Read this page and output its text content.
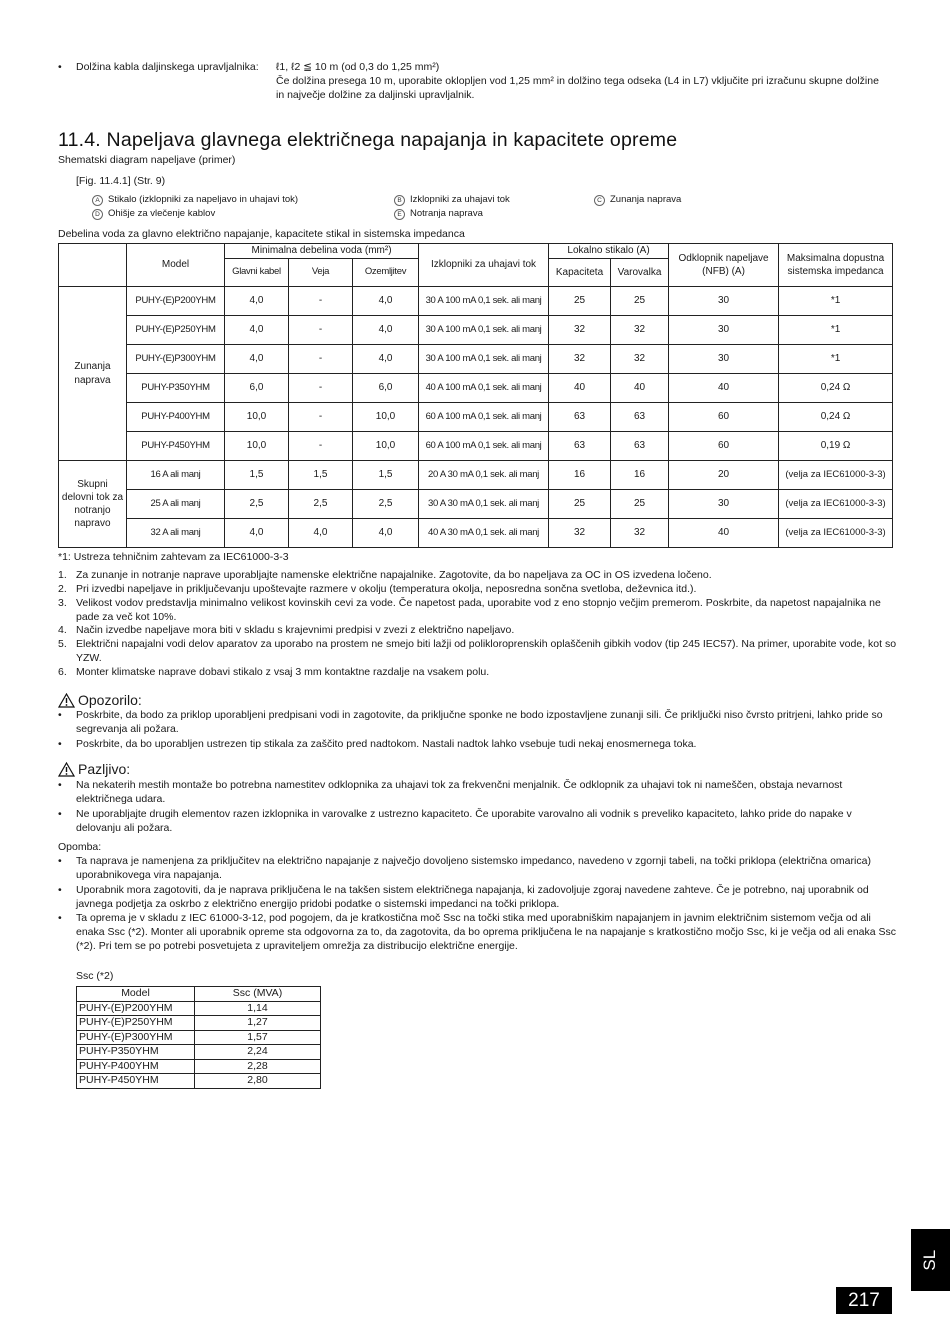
• Dolžina kabla daljinskega upravljalnika: ℓ1, ℓ2 ≦ 10 m (od 0,3 do 1,25 mm²)
Če dolžina presega 10 m, uporabite oklopljen vod 1,25 mm² in dolžino tega odseka (L4 in L7) vključite pri izračunu skupne dolžine in največje dolžine za daljinski upravljalnik.
11.4. Napeljava glavnega električnega napajanja in kapacitete opreme
Shematski diagram napeljave (primer)
[Fig. 11.4.1] (Str. 9)
A Stikalo (izklopniki za napeljavo in uhajavi tok)	B Izklopniki za uhajavi tok	C Zunanja naprava
D Ohišje za vlečenje kablov	E Notranja naprava
Debelina voda za glavno električno napajanje, kapacitete stikal in sistemska impedanca
	Model	Minimalna debelina voda (mm²)			Izklopniki za uhajavi tok	Lokalno stikalo (A)		Odklopnik napeljave (NFB) (A)	Maksimalna dopustna sistemska impedanca
		Glavni kabel	Veja	Ozemljitev		Kapaciteta	Varovalka		
Zunanja naprava	PUHY-(E)P200YHM	4,0	-	4,0	30 A 100 mA 0,1 sek. ali manj	25	25	30	*1
	PUHY-(E)P250YHM	4,0	-	4,0	30 A 100 mA 0,1 sek. ali manj	32	32	30	*1
	PUHY-(E)P300YHM	4,0	-	4,0	30 A 100 mA 0,1 sek. ali manj	32	32	30	*1
	PUHY-P350YHM	6,0	-	6,0	40 A 100 mA 0,1 sek. ali manj	40	40	40	0,24 Ω
	PUHY-P400YHM	10,0	-	10,0	60 A 100 mA 0,1 sek. ali manj	63	63	60	0,24 Ω
	PUHY-P450YHM	10,0	-	10,0	60 A 100 mA 0,1 sek. ali manj	63	63	60	0,19 Ω
Skupni delovni tok za notranjo napravo	16 A ali manj	1,5	1,5	1,5	20 A 30 mA 0,1 sek. ali manj	16	16	20	(velja za IEC61000-3-3)
	25 A ali manj	2,5	2,5	2,5	30 A 30 mA 0,1 sek. ali manj	25	25	30	(velja za IEC61000-3-3)
	32 A ali manj	4,0	4,0	4,0	40 A 30 mA 0,1 sek. ali manj	32	32	40	(velja za IEC61000-3-3)
*1: Ustreza tehničnim zahtevam za IEC61000-3-3
1. Za zunanje in notranje naprave uporabljajte namenske električne napajalnike. Zagotovite, da bo napeljava za OC in OS izvedena ločeno.
2. Pri izvedbi napeljave in priključevanju upoštevajte razmere v okolju (temperatura okolja, neposredna sončna svetloba, deževnica itd.).
3. Velikost vodov predstavlja minimalno velikost kovinskih cevi za vode. Če napetost pada, uporabite vod z eno stopnjo večjim premerom. Poskrbite, da napetost napajalnika ne pade za več kot 10%.
4. Način izvedbe napeljave mora biti v skladu s krajevnimi predpisi v zvezi z električno napeljavo.
5. Električni napajalni vodi delov aparatov za uporabo na prostem ne smejo biti lažji od polikloroprenskih oplaščenih gibkih vodov (tip 245 IEC57). Na primer, uporabite vode, kot so YZW.
6. Monter klimatske naprave dobavi stikalo z vsaj 3 mm kontaktne razdalje na vsakem polu.
Opozorilo:
•	Poskrbite, da bodo za priklop uporabljeni predpisani vodi in zagotovite, da priključne sponke ne bodo izpostavljene zunanji sili. Če priključki niso čvrsto pritrjeni, lahko pride so segrevanja ali požara.
•	Poskrbite, da bo uporabljen ustrezen tip stikala za zaščito pred nadtokom. Nastali nadtok lahko vsebuje tudi nekaj enosmernega toka.
Pazljivo:
•	Na nekaterih mestih montaže bo potrebna namestitev odklopnika za uhajavi tok za frekvenčni menjalnik. Če odklopnik za uhajavi tok ni nameščen, obstaja nevarnost električnega udara.
•	Ne uporabljajte drugih elementov razen izklopnika in varovalke z ustrezno kapaciteto. Če uporabite varovalno ali vodnik s preveliko kapaciteto, lahko pride do napake v delovanju ali požara.
Opomba:
•	Ta naprava je namenjena za priključitev na električno napajanje z največjo dovoljeno sistemsko impedanco, navedeno v zgornji tabeli, na točki priklopa (električna omarica) uporabnikovega vira napajanja.
•	Uporabnik mora zagotoviti, da je naprava priključena le na takšen sistem električnega napajanja, ki zadovoljuje zgoraj navedene zahteve. Če je potrebno, naj uporabnik od javnega podjetja za oskrbo z električno energijo pridobi podatke o sistemski impedanci na točki priklopa.
•	Ta oprema je v skladu z IEC 61000-3-12, pod pogojem, da je kratkostična moč Ssc na točki stika med uporabniškim napajanjem in javnim električnim sistemom večja od ali enaka Ssc (*2). Monter ali uporabnik opreme sta odgovorna za to, da zagotovita, da bo oprema priključena le na napajanje s kratkostično močjo Ssc, ki je večja od ali enaka Ssc (*2). Pri tem se po potrebi posvetujeta z upraviteljem omrežja za distribucijo električne energije.
Ssc (*2)
Model	Ssc (MVA)
PUHY-(E)P200YHM	1,14
PUHY-(E)P250YHM	1,27
PUHY-(E)P300YHM	1,57
PUHY-P350YHM	2,24
PUHY-P400YHM	2,28
PUHY-P450YHM	2,80
SL
217
